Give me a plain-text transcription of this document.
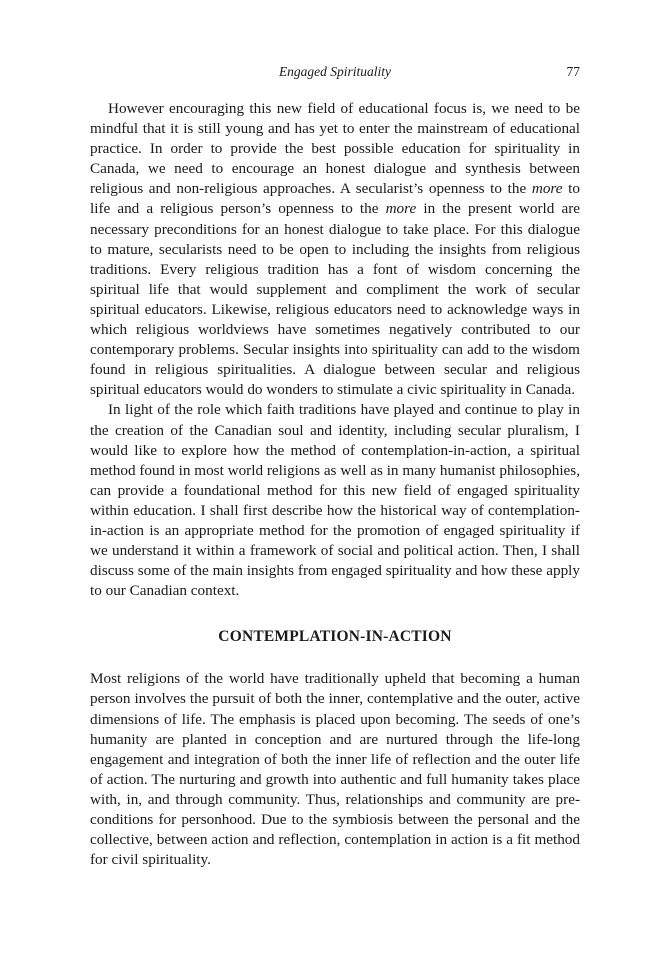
Engaged Spirituality	77

However encouraging this new field of educational focus is, we need to be mindful that it is still young and has yet to enter the mainstream of educational practice. In order to provide the best possible education for spirituality in Canada, we need to encourage an honest dialogue and synthesis between religious and non-religious approaches. A secularist’s openness to the more to life and a religious person’s openness to the more in the present world are necessary preconditions for an honest dialogue to take place. For this dialogue to mature, secularists need to be open to including the insights from religious traditions. Every religious tradition has a font of wisdom concerning the spiritual life that would supplement and compliment the work of secular spiritual educators. Likewise, religious educators need to acknowledge ways in which religious worldviews have sometimes negatively contributed to our contemporary problems. Secular insights into spirituality can add to the wisdom found in religious spiritualities. A dialogue between secular and religious spiritual educators would do wonders to stimulate a civic spirituality in Canada.

In light of the role which faith traditions have played and continue to play in the creation of the Canadian soul and identity, including secular pluralism, I would like to explore how the method of contemplation-in-action, a spiritual method found in most world religions as well as in many humanist philosophies, can provide a foundational method for this new field of engaged spirituality within education. I shall first describe how the historical way of contemplation-in-action is an appropriate method for the promotion of engaged spirituality if we understand it within a framework of social and political action. Then, I shall discuss some of the main insights from engaged spirituality and how these apply to our Canadian context.

CONTEMPLATION-IN-ACTION

Most religions of the world have traditionally upheld that becoming a human person involves the pursuit of both the inner, contemplative and the outer, active dimensions of life. The emphasis is placed upon becoming. The seeds of one’s humanity are planted in conception and are nurtured through the life-long engagement and integration of both the inner life of reflection and the outer life of action. The nurturing and growth into authentic and full humanity takes place with, in, and through community. Thus, relationships and community are pre-conditions for personhood. Due to the symbiosis between the personal and the collective, between action and reflection, contemplation in action is a fit method for civil spirituality.
